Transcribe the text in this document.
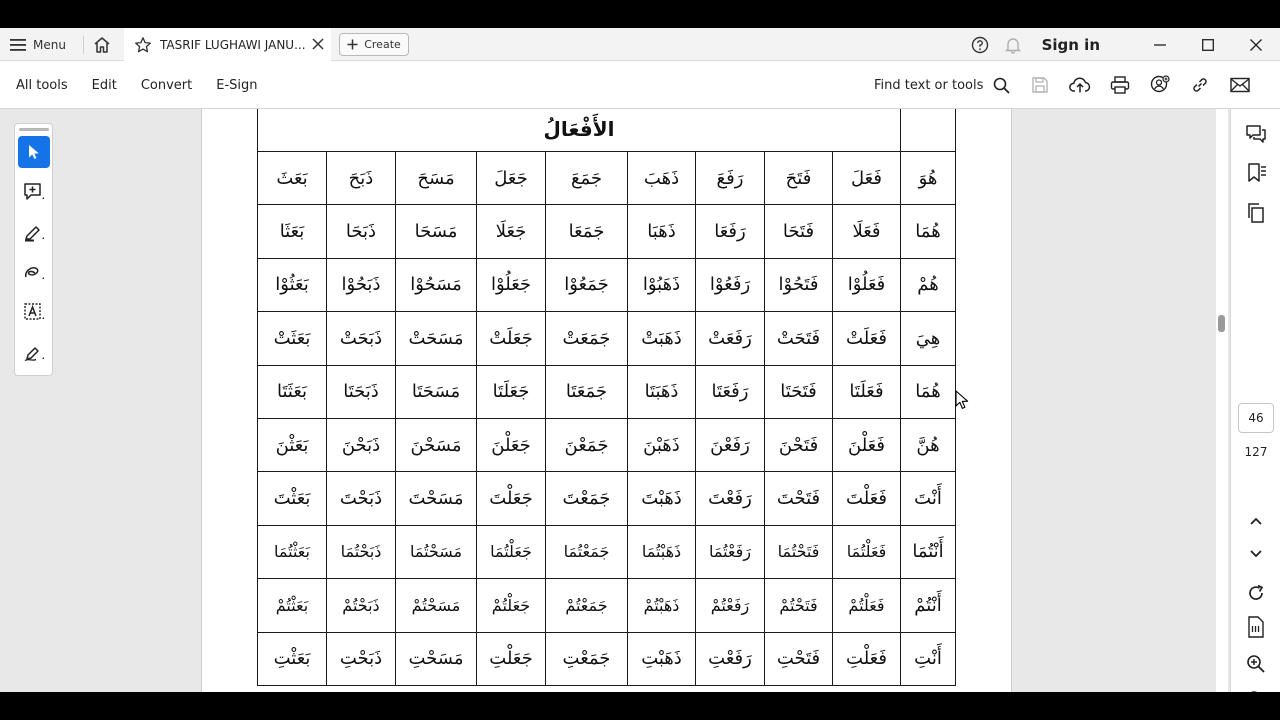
Menu	TASRIF LUGHAWI JANU...	Create	Sign in
All tools Edit Convert E-Sign	Find text or tools
	الأَفْعَالُ								
هُوَ	فَعَلَ	فَتَحَ	رَفَعَ	ذَهَبَ	جَمَعَ	جَعَلَ	مَسَحَ	ذَبَحَ	بَعَثَ
هُمَا	فَعَلَا	فَتَحَا	رَفَعَا	ذَهَبَا	جَمَعَا	جَعَلَا	مَسَحَا	ذَبَحَا	بَعَثَا
هُمْ	فَعَلُوْا	فَتَحُوْا	رَفَعُوْا	ذَهَبُوْا	جَمَعُوْا	جَعَلُوْا	مَسَحُوْا	ذَبَحُوْا	بَعَثُوْا
هِيَ	فَعَلَتْ	فَتَحَتْ	رَفَعَتْ	ذَهَبَتْ	جَمَعَتْ	جَعَلَتْ	مَسَحَتْ	ذَبَحَتْ	بَعَثَتْ
هُمَا	فَعَلَتَا	فَتَحَتَا	رَفَعَتَا	ذَهَبَتَا	جَمَعَتَا	جَعَلَتَا	مَسَحَتَا	ذَبَحَتَا	بَعَثَتَا
هُنَّ	فَعَلْنَ	فَتَحْنَ	رَفَعْنَ	ذَهَبْنَ	جَمَعْنَ	جَعَلْنَ	مَسَحْنَ	ذَبَحْنَ	بَعَثْنَ
أَنْتَ	فَعَلْتَ	فَتَحْتَ	رَفَعْتَ	ذَهَبْتَ	جَمَعْتَ	جَعَلْتَ	مَسَحْتَ	ذَبَحْتَ	بَعَثْتَ
أَنْتُمَا	فَعَلْتُمَا	فَتَحْتُمَا	رَفَعْتُمَا	ذَهَبْتُمَا	جَمَعْتُمَا	جَعَلْتُمَا	مَسَحْتُمَا	ذَبَحْتُمَا	بَعَثْتُمَا
أَنْتُمْ	فَعَلْتُمْ	فَتَحْتُمْ	رَفَعْتُمْ	ذَهَبْتُمْ	جَمَعْتُمْ	جَعَلْتُمْ	مَسَحْتُمْ	ذَبَحْتُمْ	بَعَثْتُمْ
أَنْتِ	فَعَلْتِ	فَتَحْتِ	رَفَعْتِ	ذَهَبْتِ	جَمَعْتِ	جَعَلْتِ	مَسَحْتِ	ذَبَحْتِ	بَعَثْتِ
46
127
